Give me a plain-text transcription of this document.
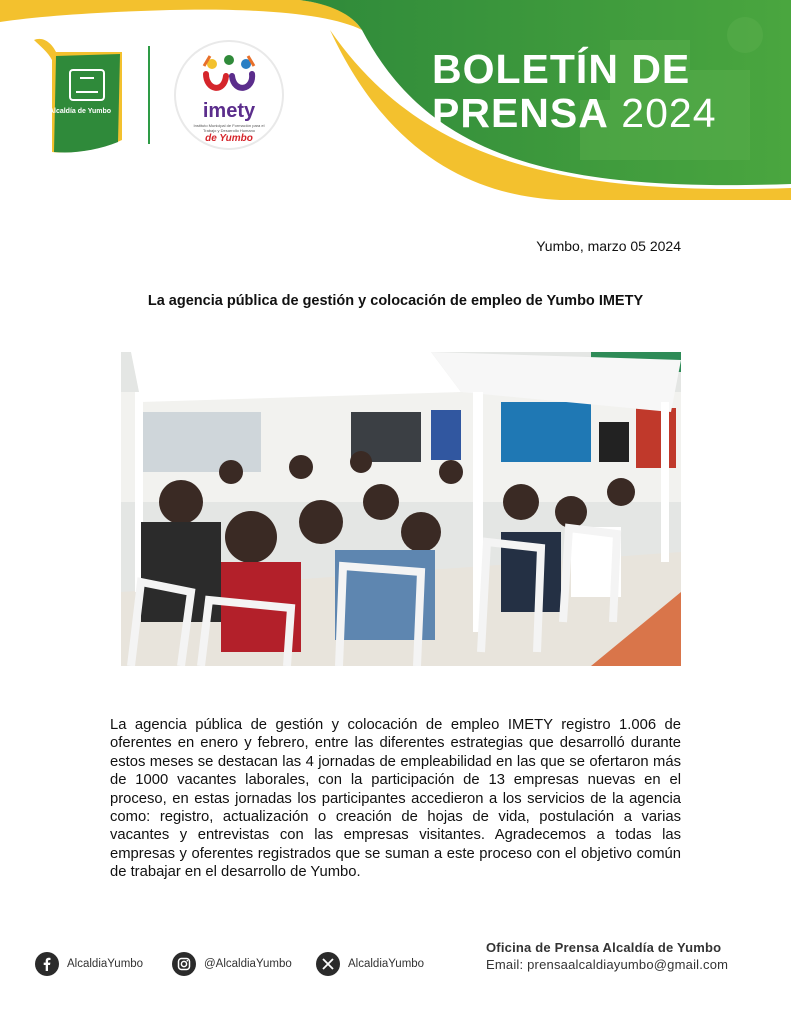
Alcaldía de Yumbo	imety
Instituto Municipal de Formación para el Trabajo y Desarrollo Humano
de Yumbo
BOLETÍN DE
PRENSA 2024
Yumbo, marzo 05 2024
La agencia pública de gestión y colocación de empleo de Yumbo IMETY
La agencia pública de gestión y colocación de empleo IMETY registro 1.006 de oferentes en enero y febrero, entre las diferentes estrategias que desarrolló durante estos meses se destacan las 4 jornadas de empleabilidad en las que se ofertaron más de 1000 vacantes laborales, con la participación de 13 empresas nuevas en el proceso, en estas jornadas los participantes accedieron a los servicios de la agencia como: registro, actualización o creación de hojas de vida, postulación a varias vacantes y entrevistas con las empresas visitantes. Agradecemos a todas las empresas y oferentes registrados que se suman a este proceso con el objetivo común de trabajar en el desarrollo de Yumbo.
AlcaldiaYumbo	@AlcaldiaYumbo	AlcaldiaYumbo
Oficina de Prensa Alcaldía de Yumbo
Email: prensaalcaldiayumbo@gmail.com
